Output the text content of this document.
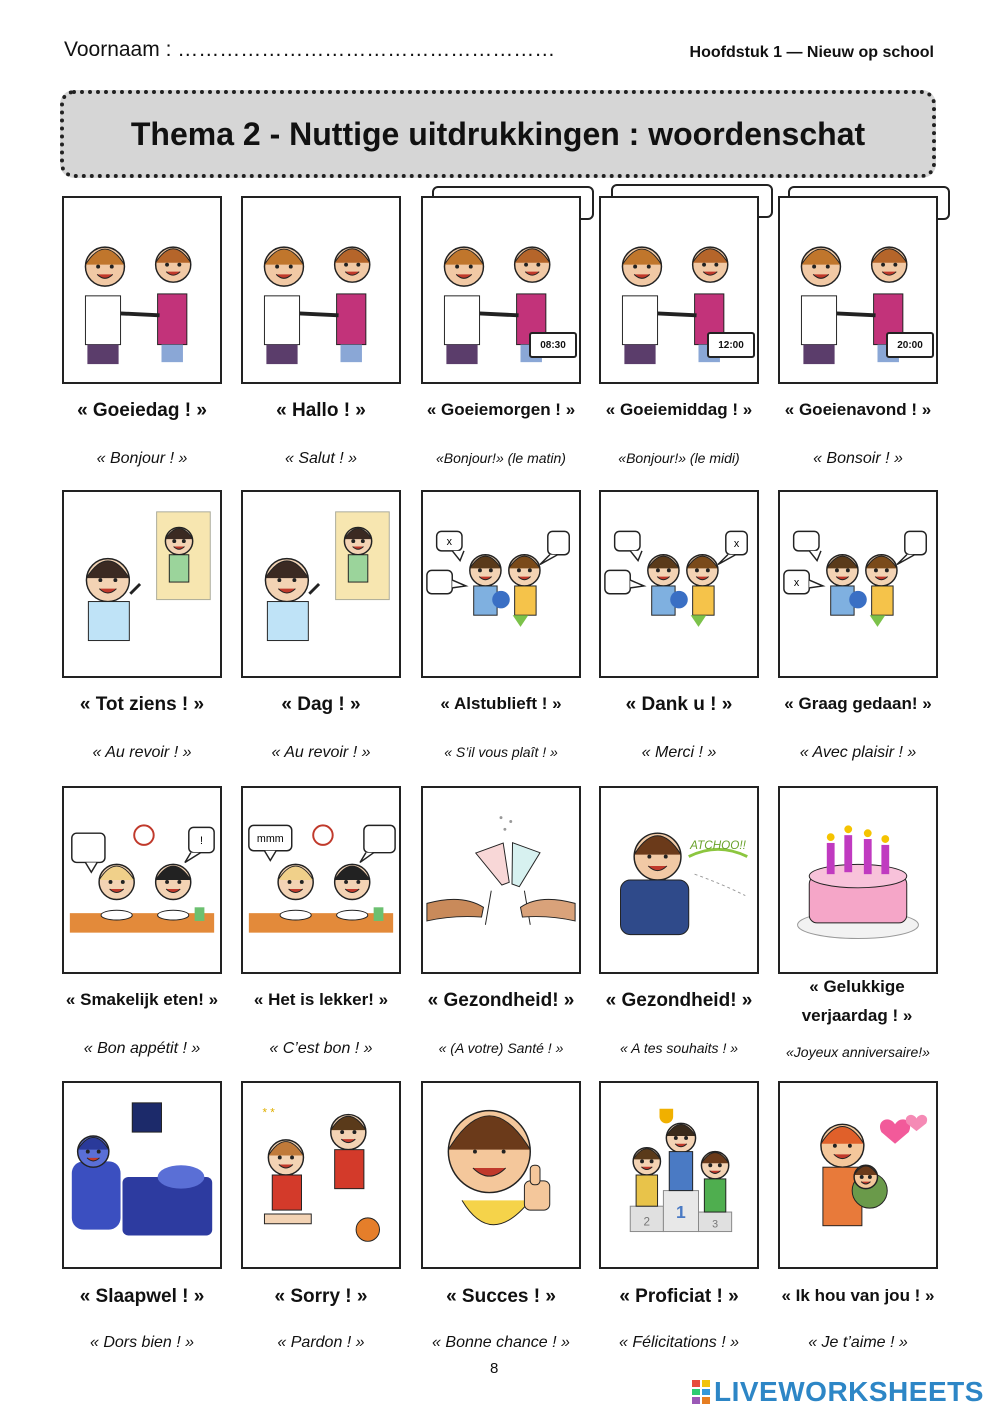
Voornaam : ………………………………………………	Hoofdstuk 1 — Nieuw op school
Thema 2 - Nuttige uitdrukkingen : woordenschat
« Goeiedag ! »
« Bonjour ! »
« Hallo ! »
« Salut ! »
08:30
« Goeiemorgen ! »
«Bonjour!» (le matin)
12:00
« Goeiemiddag ! »
«Bonjour!» (le midi)
20:00
« Goeienavond ! »
« Bonsoir ! »
« Tot ziens ! »
« Au revoir ! »
« Dag ! »
« Au revoir ! »
x
« Alstublieft ! »
« S’il vous plaît ! »
x
« Dank u ! »
« Merci ! »
x
« Graag gedaan! »
« Avec plaisir ! »
!
« Smakelijk eten! »
« Bon appétit ! »
mmm
« Het is lekker! »
« C’est bon ! »
« Gezondheid! »
« (A votre) Santé ! »
ATCHOO!!
« Gezondheid! »
« A tes souhaits ! »
« Gelukkige verjaardag ! »
«Joyeux anniversaire!»
« Slaapwel ! »
« Dors bien ! »
* *
« Sorry ! »
« Pardon ! »
« Succes ! »
« Bonne chance ! »
2
1
3
« Proficiat ! »
« Félicitations ! »
« Ik hou van jou ! »
« Je t’aime ! »
8
LIVEWORKSHEETS
